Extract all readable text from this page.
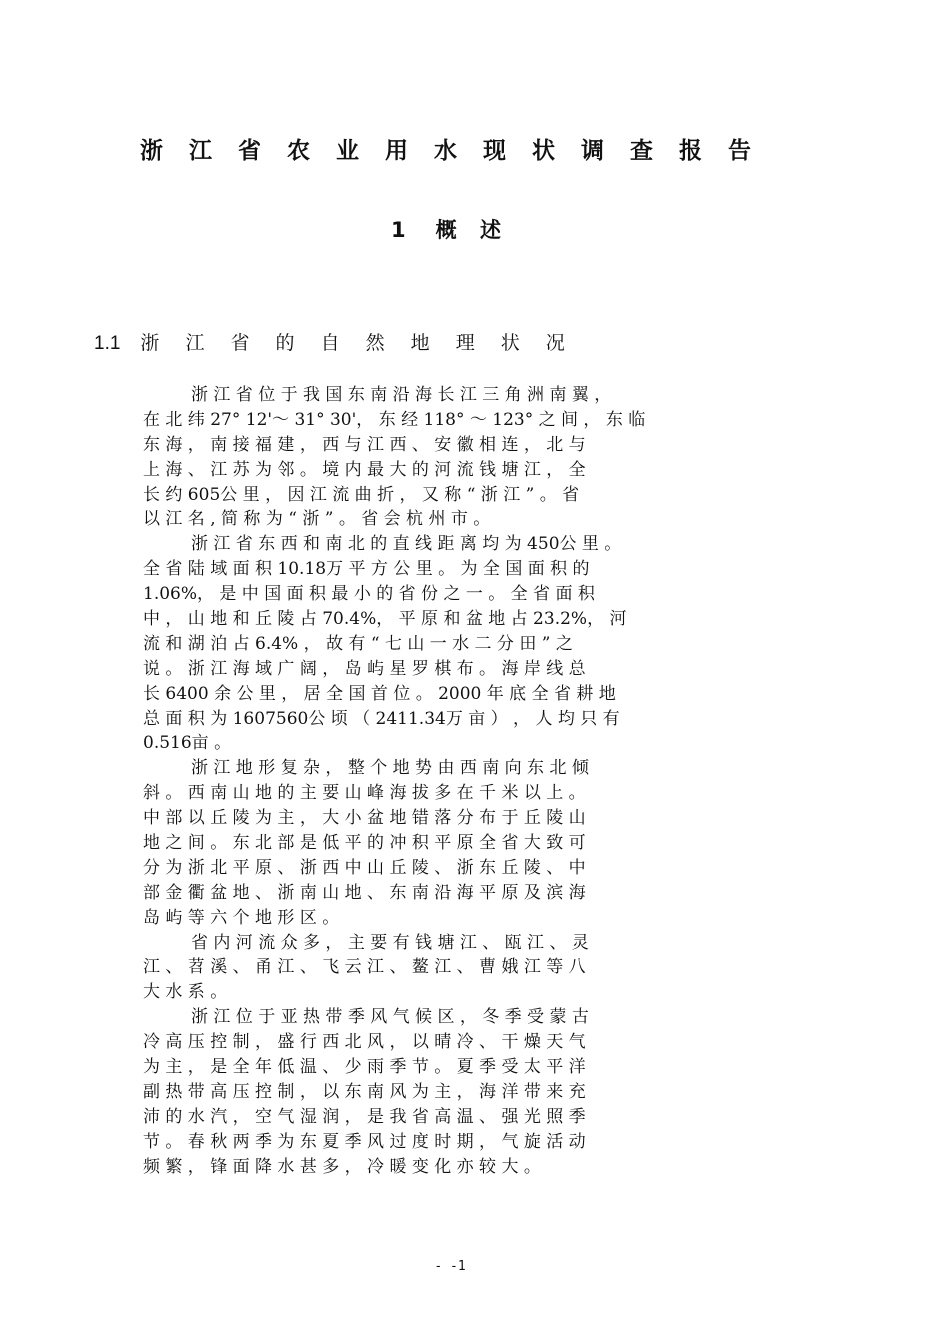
浙 江 省 农 业 用 水 现 状 调 查 报 告
1 概 述
1.1 浙 江 省 的 自 然 地 理 状 况
浙 江 省 位 于 我 国 东 南 沿 海 长 江 三 角 洲 南 翼 ，
在 北 纬 27° 12'～ 31° 30'， 东 经 118° ～ 123° 之 间 ， 东 临
东 海 ， 南 接 福 建 ， 西 与 江 西 、 安 徽 相 连 ， 北 与
上 海 、 江 苏 为 邻 。 境 内 最 大 的 河 流 钱 塘 江 ， 全
长 约 605公 里 ， 因 江 流 曲 折 ， 又 称 “ 浙 江 ” 。 省
以 江 名 , 简 称 为 “ 浙 ” 。 省 会 杭 州 市 。
浙 江 省 东 西 和 南 北 的 直 线 距 离 均 为 450公 里 。
全 省 陆 域 面 积 10.18万 平 方 公 里 。 为 全 国 面 积 的
1.06%， 是 中 国 面 积 最 小 的 省 份 之 一 。 全 省 面 积
中 ， 山 地 和 丘 陵 占 70.4%， 平 原 和 盆 地 占 23.2%， 河
流 和 湖 泊 占 6.4% ， 故 有 “ 七 山 一 水 二 分 田 ” 之
说 。 浙 江 海 域 广 阔 ， 岛 屿 星 罗 棋 布 。 海 岸 线 总
长 6400 余 公 里 ， 居 全 国 首 位 。 2000 年 底 全 省 耕 地
总 面 积 为 1607560公 顷 （ 2411.34万 亩 ） ， 人 均 只 有
0.516亩 。
浙 江 地 形 复 杂 ， 整 个 地 势 由 西 南 向 东 北 倾
斜 。 西 南 山 地 的 主 要 山 峰 海 拔 多 在 千 米 以 上 。
中 部 以 丘 陵 为 主 ， 大 小 盆 地 错 落 分 布 于 丘 陵 山
地 之 间 。 东 北 部 是 低 平 的 冲 积 平 原 全 省 大 致 可
分 为 浙 北 平 原 、 浙 西 中 山 丘 陵 、 浙 东 丘 陵 、 中
部 金 衢 盆 地 、 浙 南 山 地 、 东 南 沿 海 平 原 及 滨 海
岛 屿 等 六 个 地 形 区 。
省 内 河 流 众 多 ， 主 要 有 钱 塘 江 、 瓯 江 、 灵
江 、 苕 溪 、 甬 江 、 飞 云 江 、 鳌 江 、 曹 娥 江 等 八
大 水 系 。
浙 江 位 于 亚 热 带 季 风 气 候 区 ， 冬 季 受 蒙 古
冷 高 压 控 制 ， 盛 行 西 北 风 ， 以 晴 冷 、 干 燥 天 气
为 主 ， 是 全 年 低 温 、 少 雨 季 节 。 夏 季 受 太 平 洋
副 热 带 高 压 控 制 ， 以 东 南 风 为 主 ， 海 洋 带 来 充
沛 的 水 汽 ， 空 气 湿 润 ， 是 我 省 高 温 、 强 光 照 季
节 。 春 秋 两 季 为 东 夏 季 风 过 度 时 期 ， 气 旋 活 动
频 繁 ， 锋 面 降 水 甚 多 ， 冷 暖 变 化 亦 较 大 。
- -1
